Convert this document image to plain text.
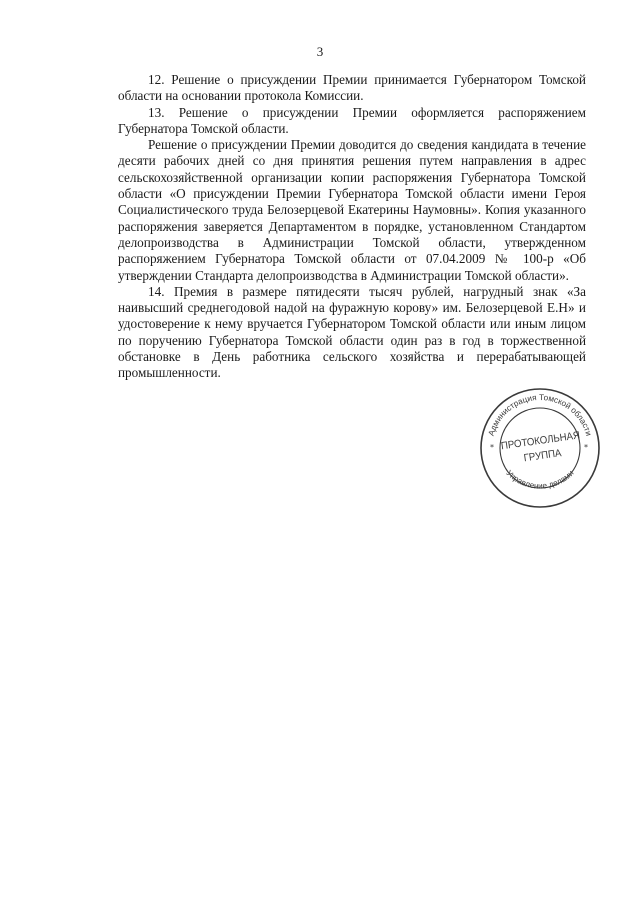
3

12. Решение о присуждении Премии принимается Губернатором Томской области на основании протокола Комиссии.

13. Решение о присуждении Премии оформляется распоряжением Губернатора Томской области.

Решение о присуждении Премии доводится до сведения кандидата в течение десяти рабочих дней со дня принятия решения путем направления в адрес сельскохозяйственной организации копии распоряжения Губернатора Томской области «О присуждении Премии Губернатора Томской области имени Героя Социалистического труда Белозерцевой Екатерины Наумовны». Копия указанного распоряжения заверяется Департаментом в порядке, установленном Стандартом делопроизводства в Администрации Томской области, утвержденном распоряжением Губернатора Томской области от 07.04.2009 № 100-р «Об утверждении Стандарта делопроизводства в Администрации Томской области».

14. Премия в размере пятидесяти тысяч рублей, нагрудный знак «За наивысший среднегодовой надой на фуражную корову» им. Белозерцевой Е.Н» и удостоверение к нему вручается Губернатором Томской области или иным лицом по поручению Губернатора Томской области один раз в год в торжественной обстановке в День работника сельского хозяйства и перерабатывающей промышленности.

Администрация Томской области
Управление делами
*	*
ПРОТОКОЛЬНАЯ
ГРУППА
